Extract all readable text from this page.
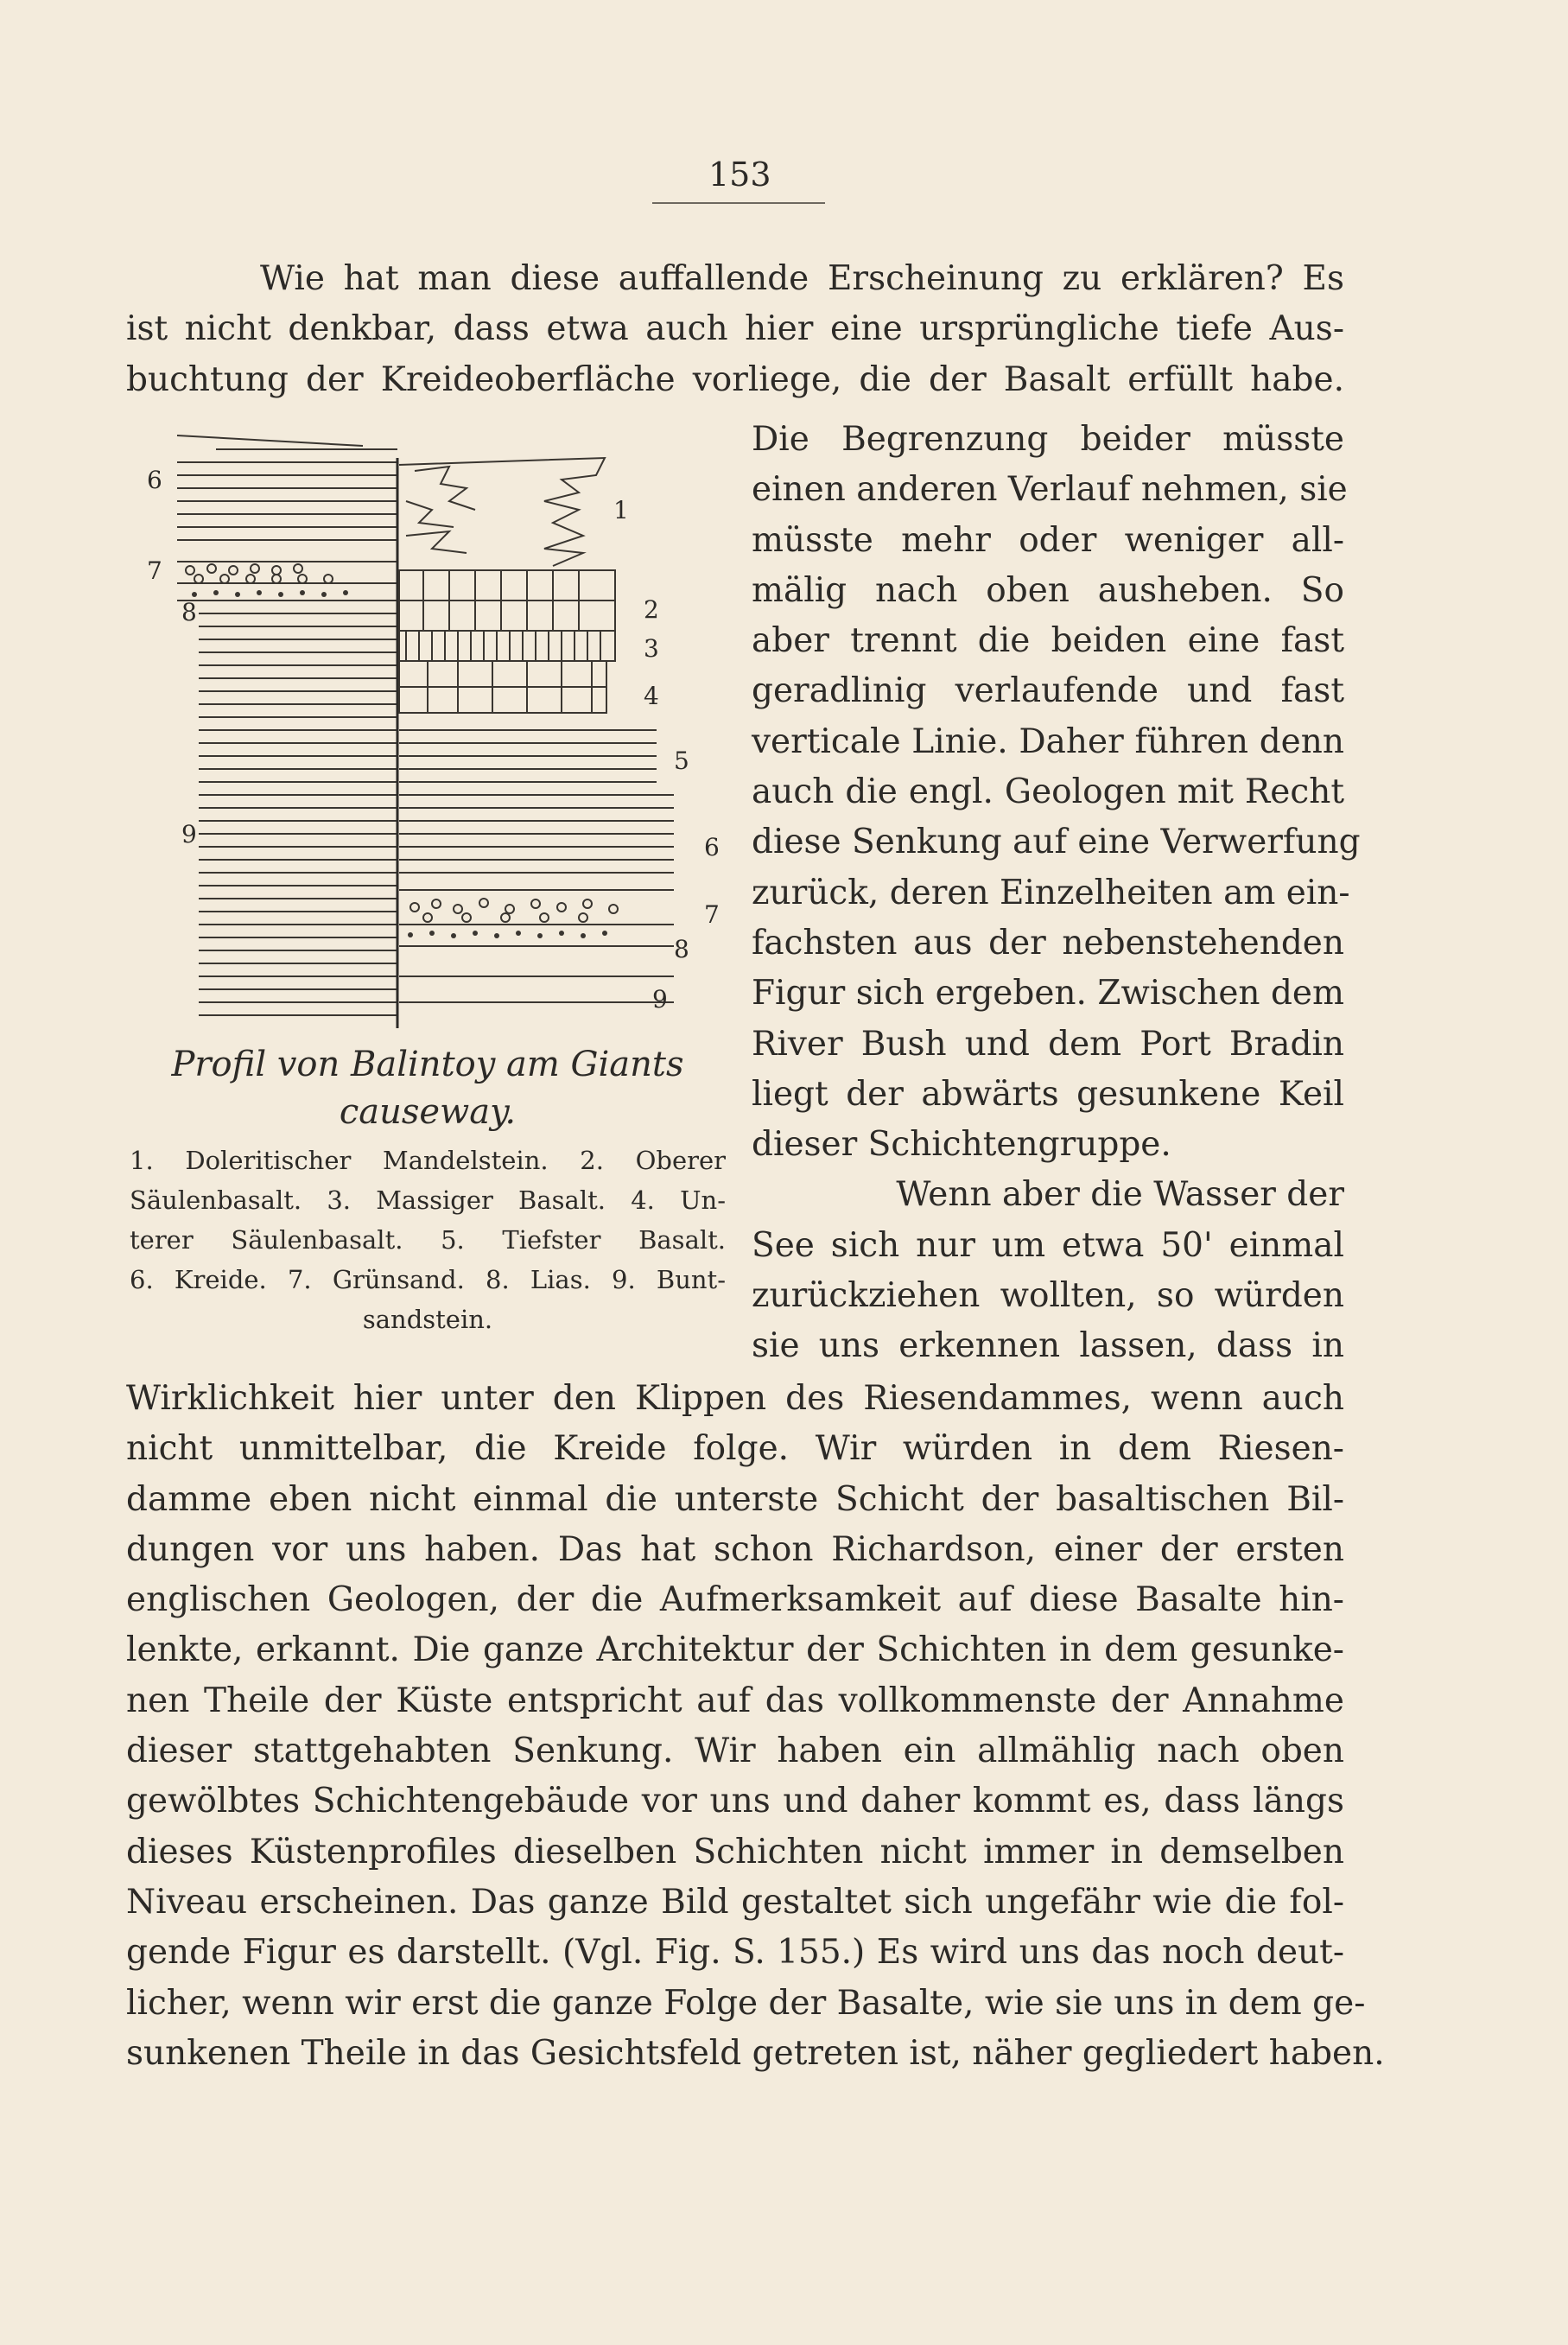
153
Wie hat man diese auffallende Erscheinung zu erklären? Es
ist nicht denkbar, dass etwa auch hier eine ursprüngliche tiefe Aus-
buchtung der Kreideoberfläche vorliege, die der Basalt erfüllt habe.
6
7
8
9
1
2
3
4
5
6
7
8
9
Profil von Balintoy am Giants
causeway.
1. Doleritischer Mandelstein. 2. Oberer
Säulenbasalt. 3. Massiger Basalt. 4. Un-
terer Säulenbasalt. 5. Tiefster Basalt.
6. Kreide. 7. Grünsand. 8. Lias. 9. Bunt-
sandstein.
Die Begrenzung beider müsste
einen anderen Verlauf nehmen, sie
müsste mehr oder weniger all-
mälig nach oben ausheben. So
aber trennt die beiden eine fast
geradlinig verlaufende und fast
verticale Linie. Daher führen denn
auch die engl. Geologen mit Recht
diese Senkung auf eine Verwerfung
zurück, deren Einzelheiten am ein-
fachsten aus der nebenstehenden
Figur sich ergeben. Zwischen dem
River Bush und dem Port Bradin
liegt der abwärts gesunkene Keil
dieser Schichtengruppe.
Wenn aber die Wasser der
See sich nur um etwa 50' einmal
zurückziehen wollten, so würden
sie uns erkennen lassen, dass in
Wirklichkeit hier unter den Klippen des Riesendammes, wenn auch
nicht unmittelbar, die Kreide folge. Wir würden in dem Riesen-
damme eben nicht einmal die unterste Schicht der basaltischen Bil-
dungen vor uns haben. Das hat schon Richardson, einer der ersten
englischen Geologen, der die Aufmerksamkeit auf diese Basalte hin-
lenkte, erkannt. Die ganze Architektur der Schichten in dem gesunke-
nen Theile der Küste entspricht auf das vollkommenste der Annahme
dieser stattgehabten Senkung. Wir haben ein allmählig nach oben
gewölbtes Schichtengebäude vor uns und daher kommt es, dass längs
dieses Küstenprofiles dieselben Schichten nicht immer in demselben
Niveau erscheinen. Das ganze Bild gestaltet sich ungefähr wie die fol-
gende Figur es darstellt. (Vgl. Fig. S. 155.) Es wird uns das noch deut-
licher, wenn wir erst die ganze Folge der Basalte, wie sie uns in dem ge-
sunkenen Theile in das Gesichtsfeld getreten ist, näher gegliedert haben.
